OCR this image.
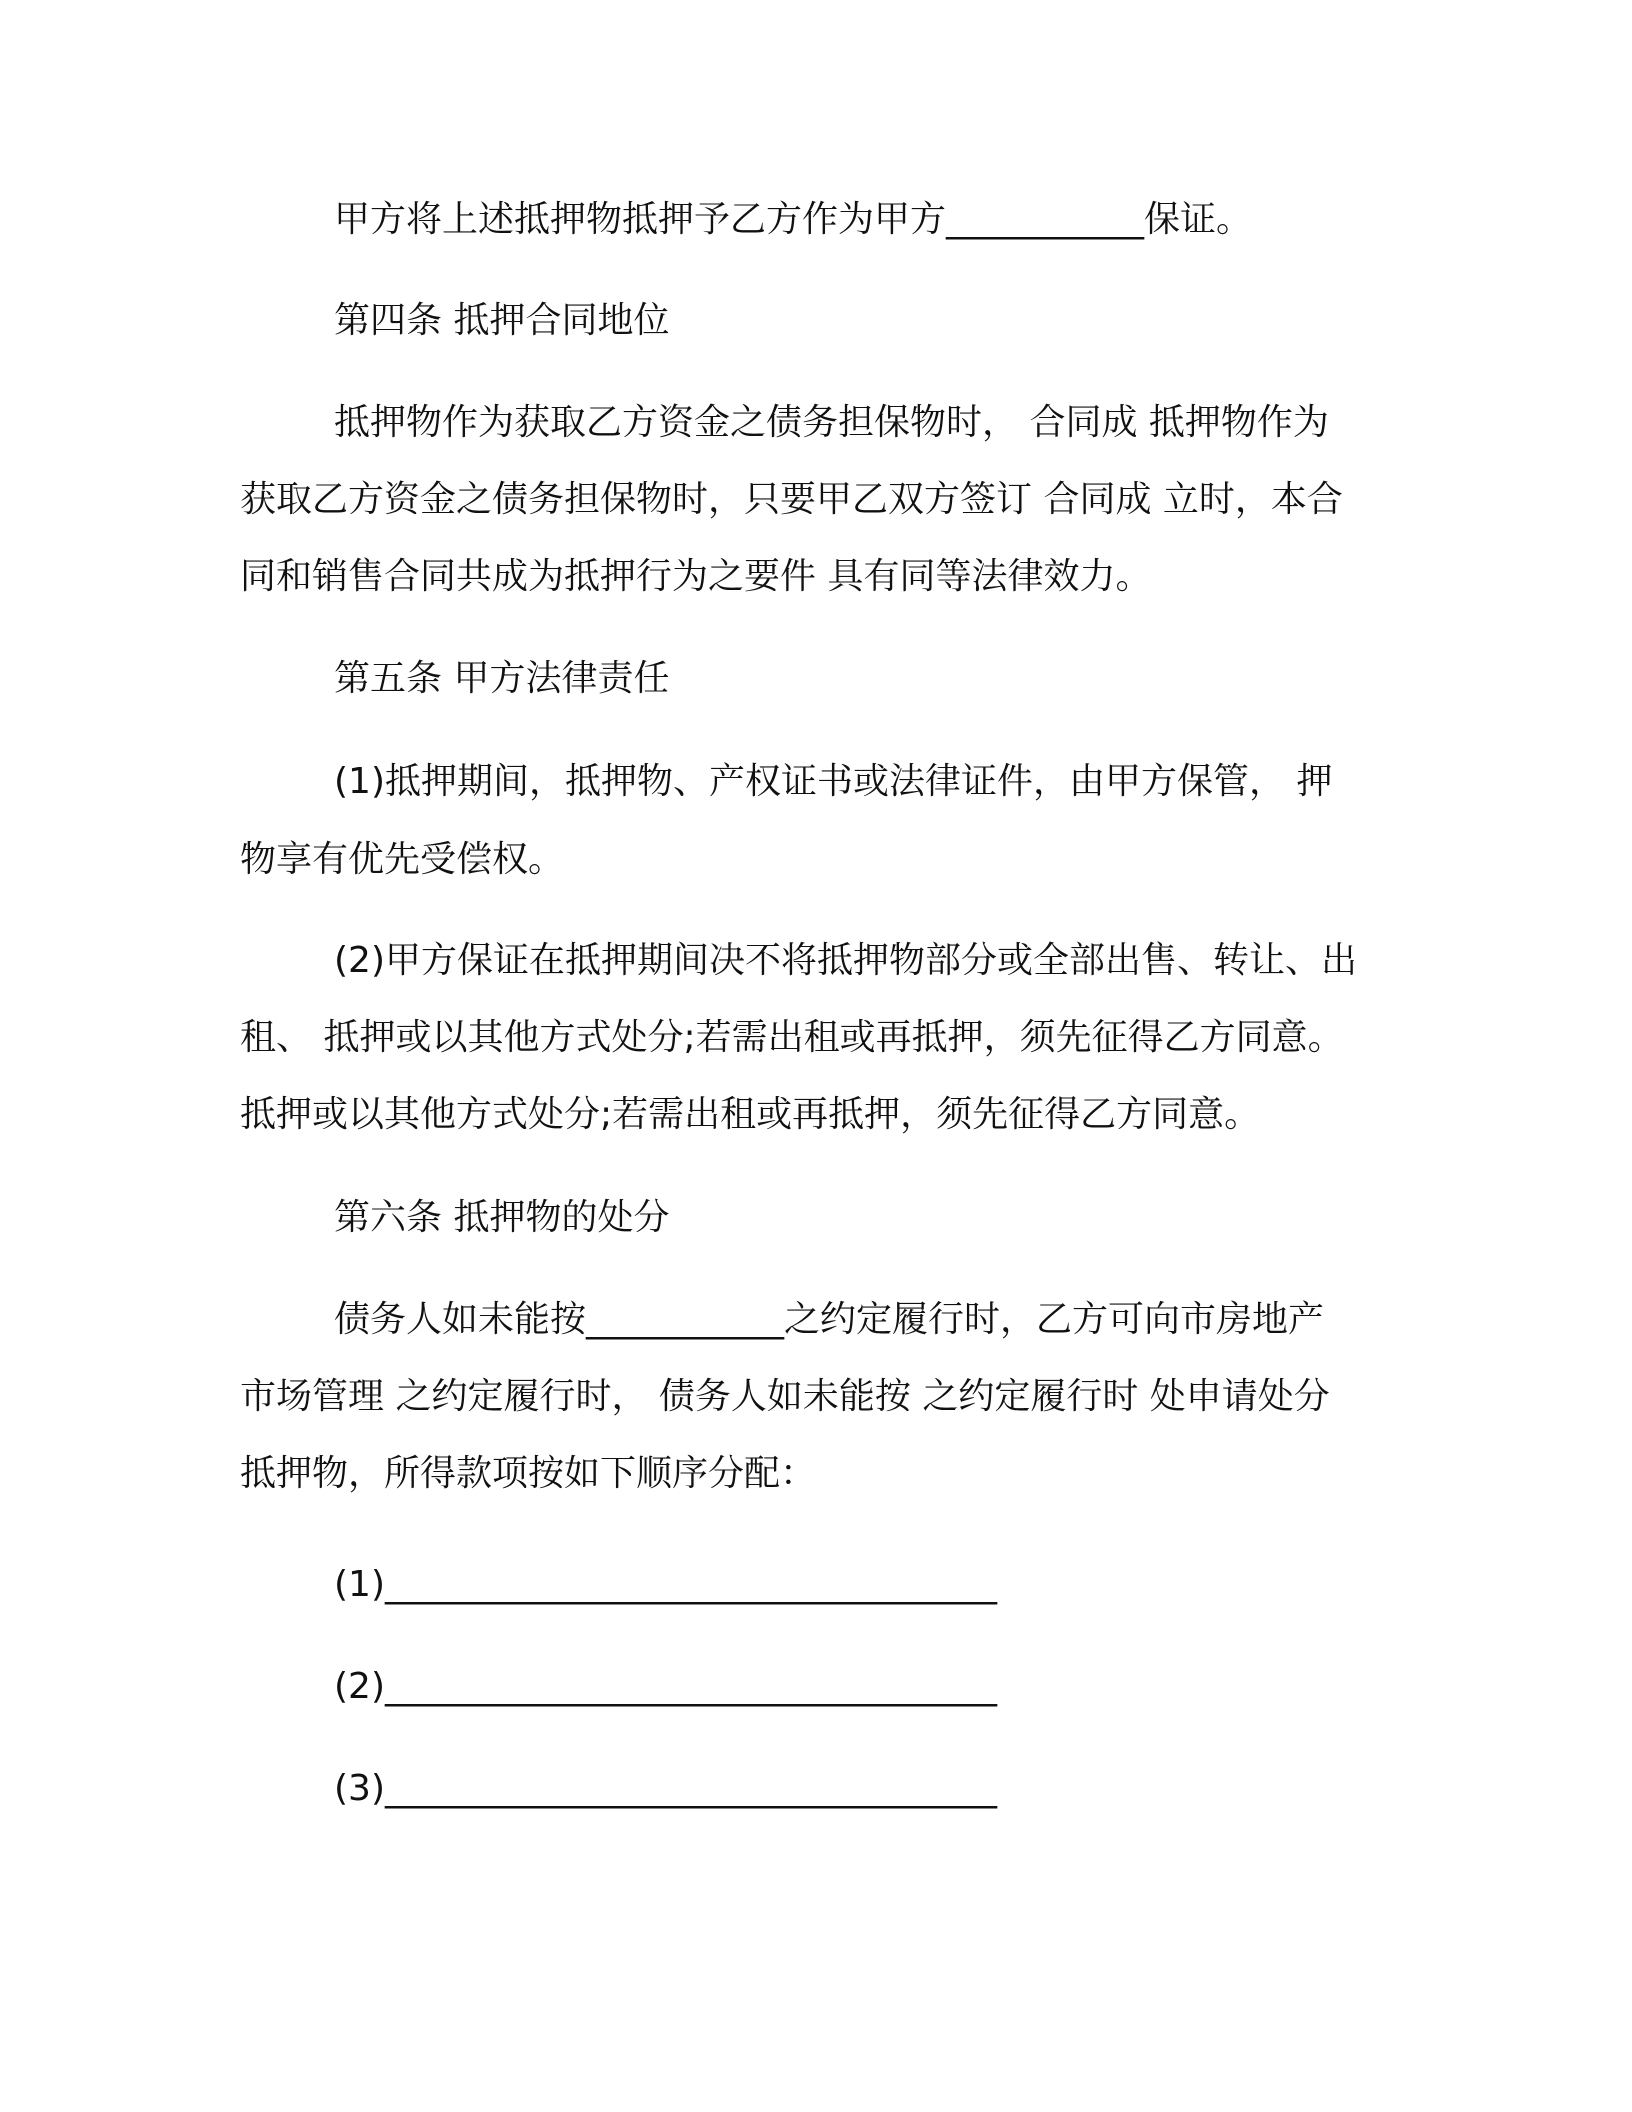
甲方将上述抵押物抵押予乙方作为甲方___________保证。
第四条 抵押合同地位
抵押物作为获取乙方资金之债务担保物时， 合同成 抵押物作为
获取乙方资金之债务担保物时，只要甲乙双方签订 合同成 立时，本合
同和销售合同共成为抵押行为之要件 具有同等法律效力。
第五条 甲方法律责任
(1)抵押期间，抵押物、产权证书或法律证件，由甲方保管， 押
物享有优先受偿权。
(2)甲方保证在抵押期间决不将抵押物部分或全部出售、转让、出
租、 抵押或以其他方式处分;若需出租或再抵押，须先征得乙方同意。
抵押或以其他方式处分;若需出租或再抵押，须先征得乙方同意。
第六条 抵押物的处分
债务人如未能按___________之约定履行时，乙方可向市房地产
市场管理 之约定履行时， 债务人如未能按 之约定履行时 处申请处分
抵押物，所得款项按如下顺序分配：
(1)__________________________________
(2)__________________________________
(3)__________________________________
